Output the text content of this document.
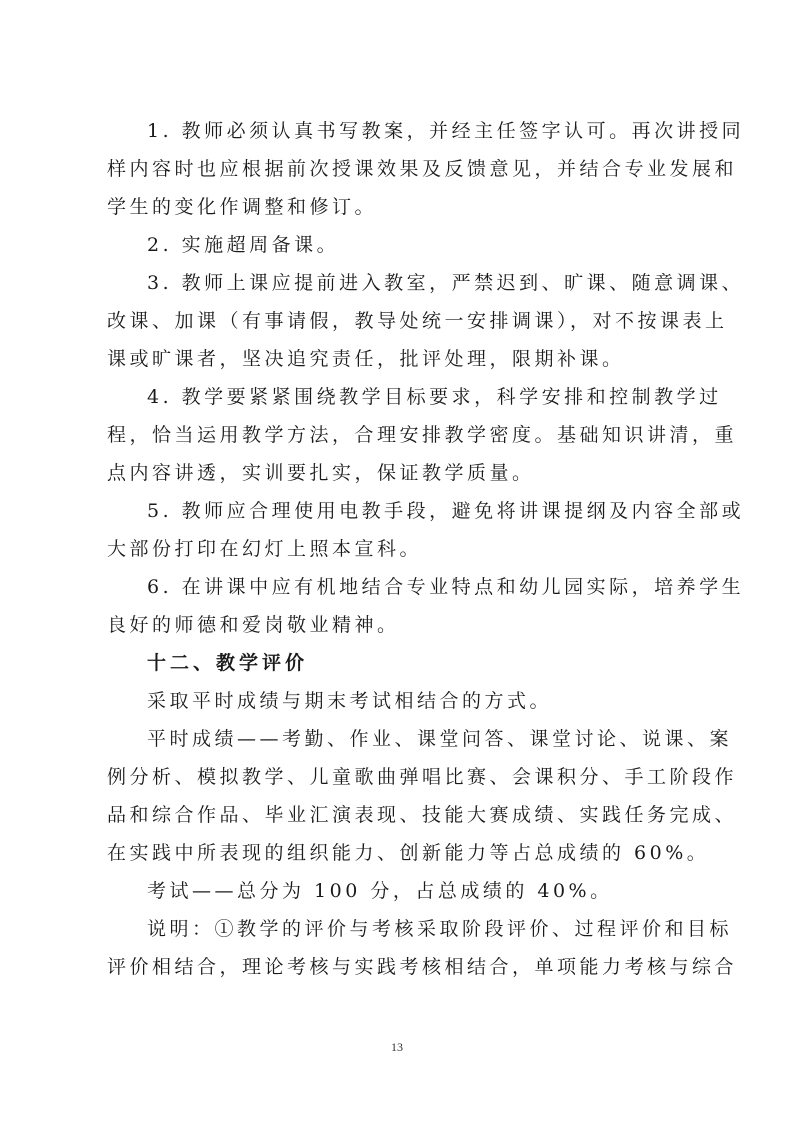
1. 教师必须认真书写教案，并经主任签字认可。再次讲授同
样内容时也应根据前次授课效果及反馈意见，并结合专业发展和
学生的变化作调整和修订。
2. 实施超周备课。
3. 教师上课应提前进入教室，严禁迟到、旷课、随意调课、
改课、加课（有事请假，教导处统一安排调课），对不按课表上
课或旷课者，坚决追究责任，批评处理，限期补课。
4. 教学要紧紧围绕教学目标要求，科学安排和控制教学过
程，恰当运用教学方法，合理安排教学密度。基础知识讲清，重
点内容讲透，实训要扎实，保证教学质量。
5. 教师应合理使用电教手段，避免将讲课提纲及内容全部或
大部份打印在幻灯上照本宣科。
6. 在讲课中应有机地结合专业特点和幼儿园实际，培养学生
良好的师德和爱岗敬业精神。
十二、教学评价
采取平时成绩与期末考试相结合的方式。
平时成绩——考勤、作业、课堂问答、课堂讨论、说课、案
例分析、模拟教学、儿童歌曲弹唱比赛、会课积分、手工阶段作
品和综合作品、毕业汇演表现、技能大赛成绩、实践任务完成、
在实践中所表现的组织能力、创新能力等占总成绩的 60%。
考试——总分为 100 分，占总成绩的 40%。
说明：①教学的评价与考核采取阶段评价、过程评价和目标
评价相结合，理论考核与实践考核相结合，单项能力考核与综合
13
